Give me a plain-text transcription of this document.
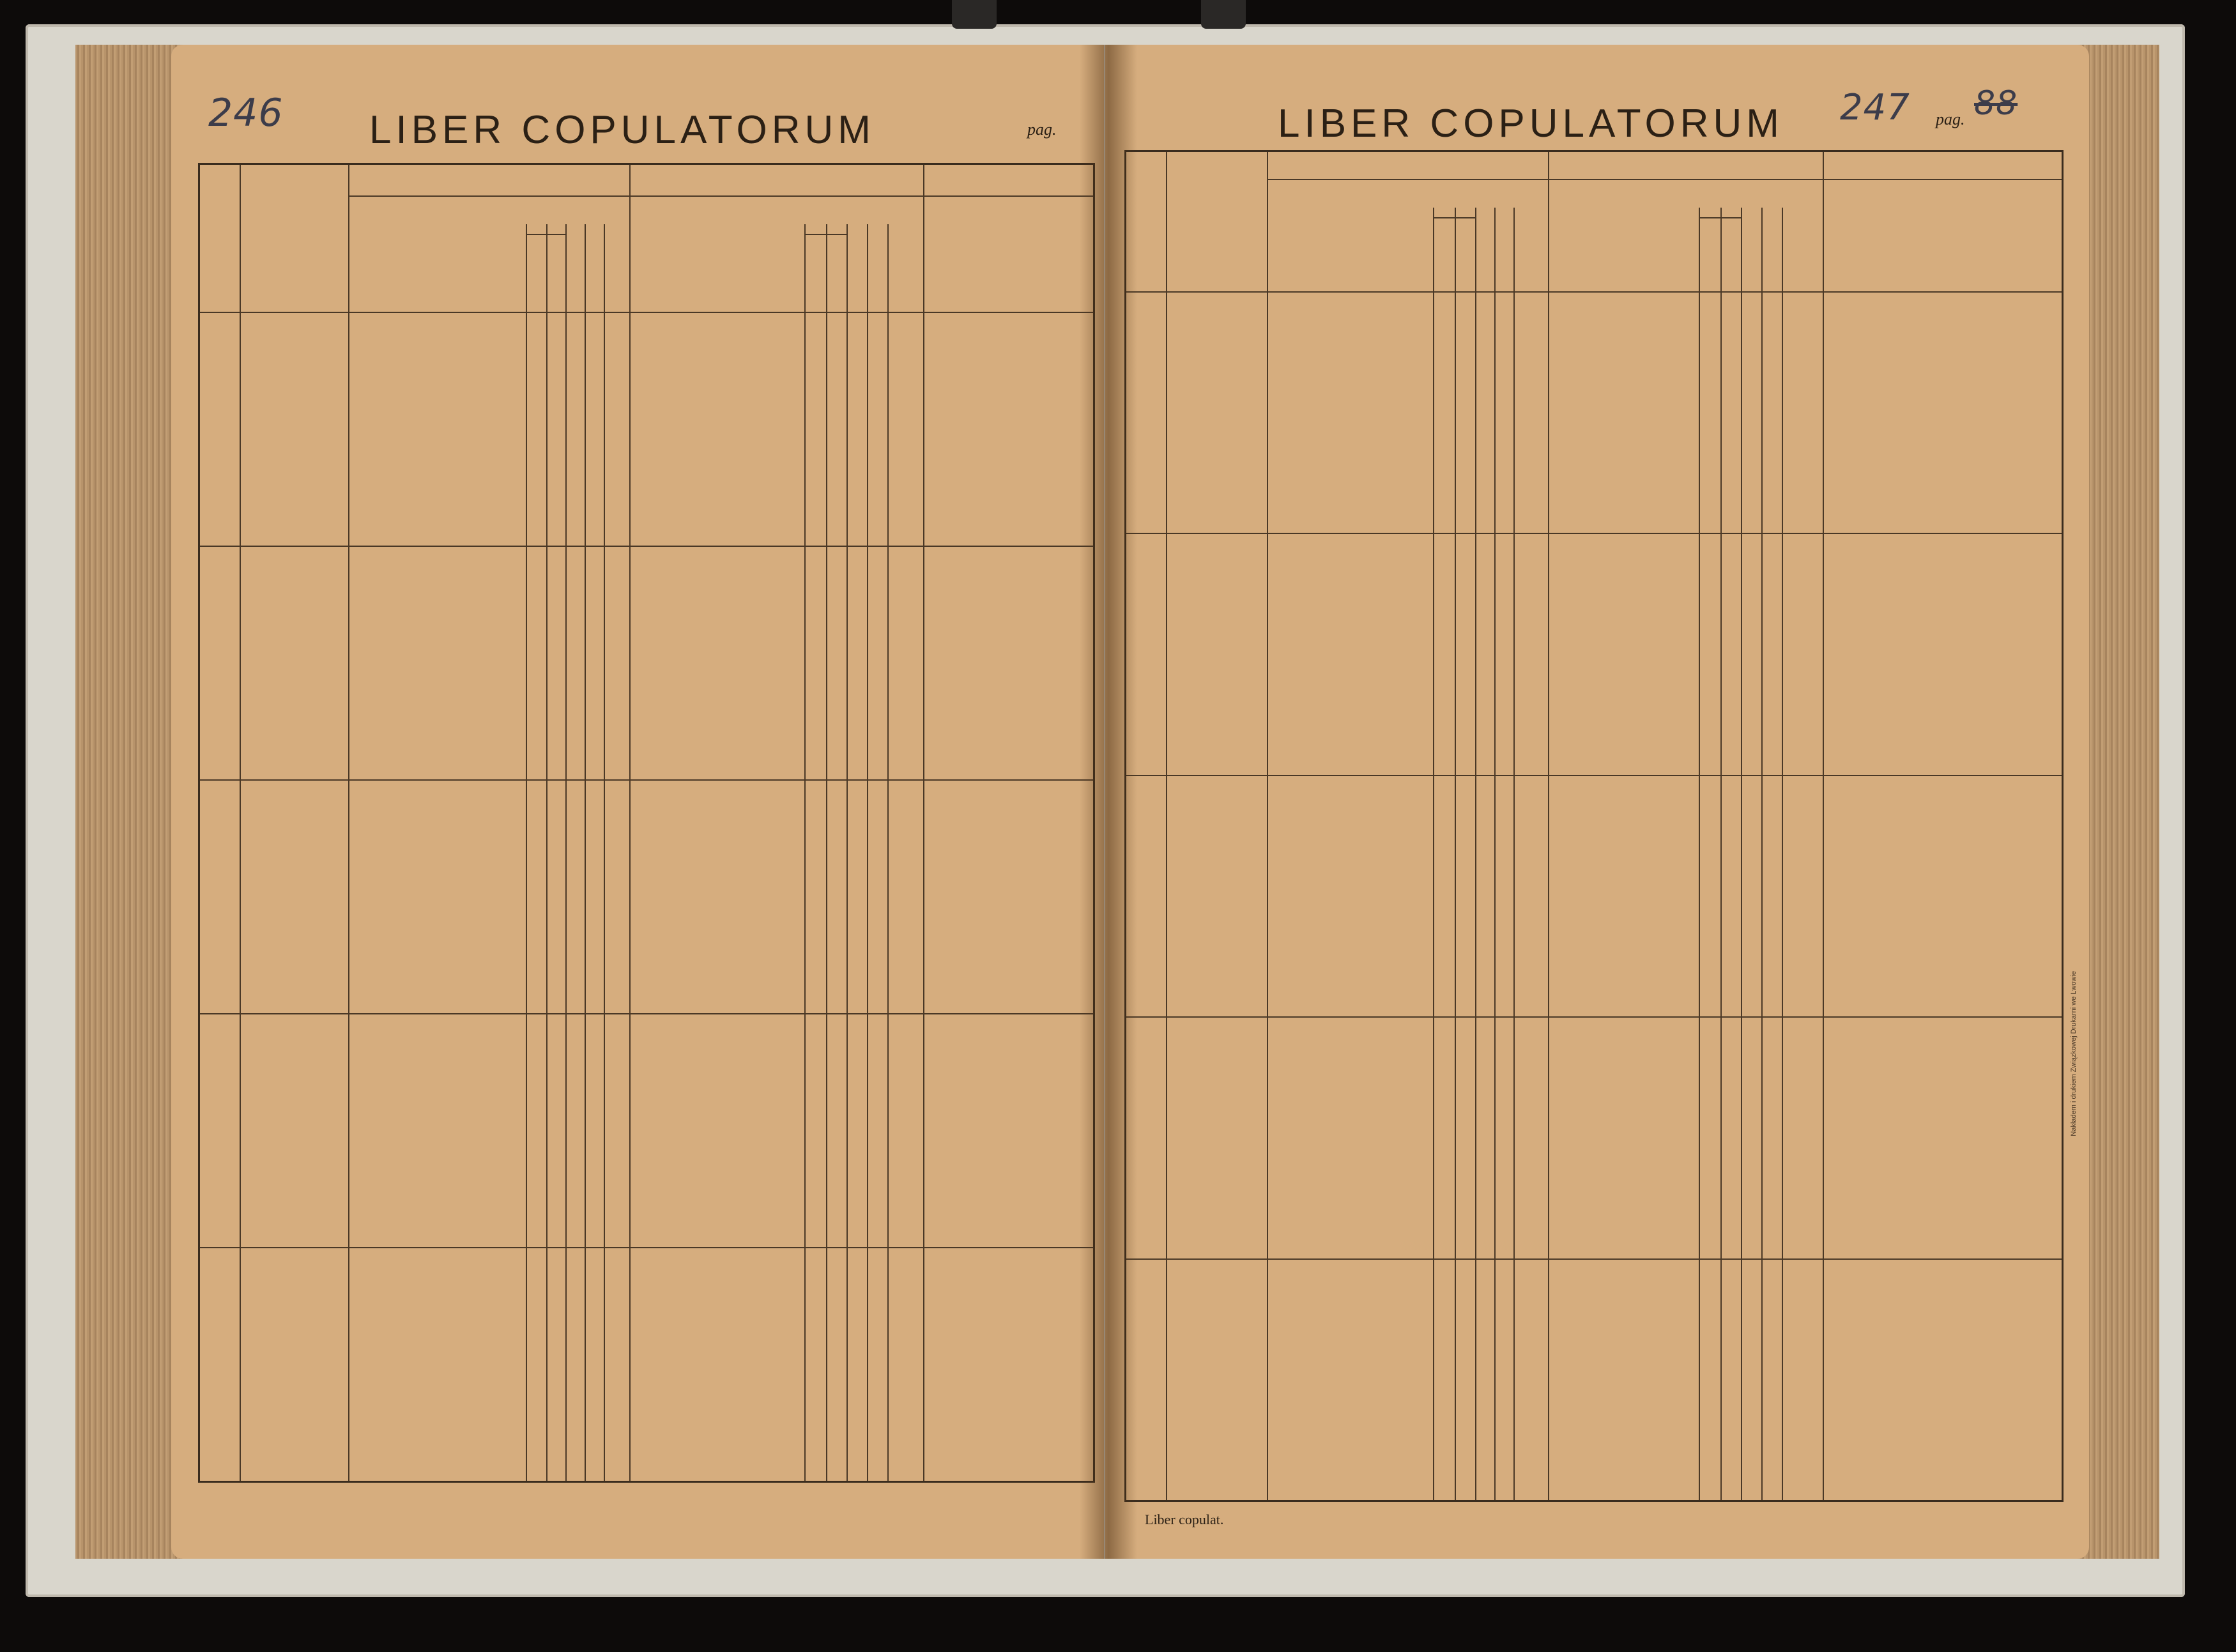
246 LIBER COPULATORUM	pag.	LIBER COPULATORUM 247 pag. 88
Liber copulat.
Nakładem i drukiem Związkowej Drukarni we Lwowie
